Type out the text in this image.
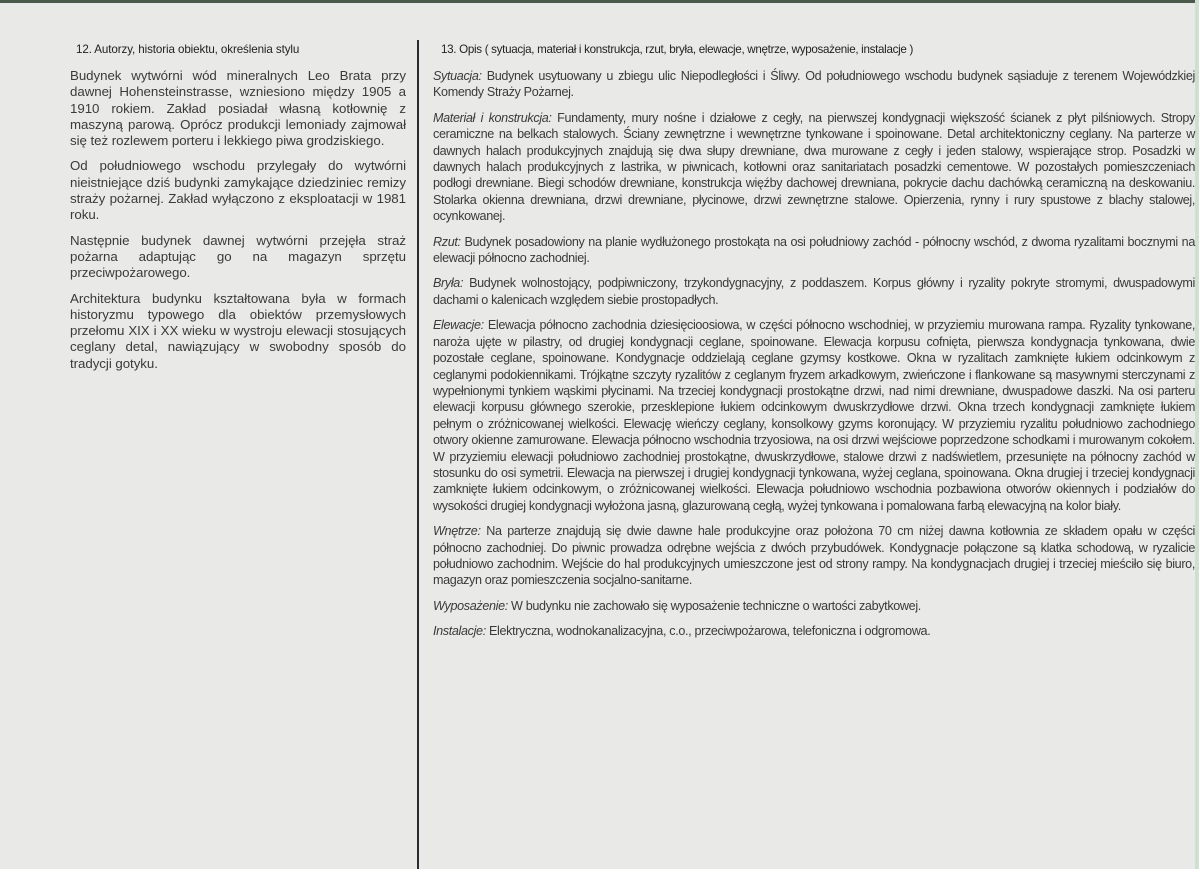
12. Autorzy, historia obiektu, określenia stylu

Budynek wytwórni wód mineralnych Leo Brata przy dawnej Hohensteinstrasse, wzniesiono między 1905 a 1910 rokiem. Zakład posiadał własną kotłownię z maszyną parową. Oprócz produkcji lemoniady zajmował się też rozlewem porteru i lekkiego piwa grodziskiego.

Od południowego wschodu przylegały do wytwórni nieistniejące dziś budynki zamykające dziedziniec remizy straży pożarnej. Zakład wyłączono z eksploatacji w 1981 roku.

Następnie budynek dawnej wytwórni przejęła straż pożarna adaptując go na magazyn sprzętu przeciwpożarowego.

Architektura budynku kształtowana była w formach historyzmu typowego dla obiektów przemysłowych przełomu XIX i XX wieku w wystroju elewacji stosujących ceglany detal, nawiązujący w swobodny sposób do tradycji gotyku.

13. Opis ( sytuacja, materiał i konstrukcja, rzut, bryła, elewacje, wnętrze, wyposażenie, instalacje )

Sytuacja: Budynek usytuowany u zbiegu ulic Niepodległości i Śliwy. Od południowego wschodu budynek sąsiaduje z terenem Wojewódzkiej Komendy Straży Pożarnej.

Materiał i konstrukcja: Fundamenty, mury nośne i działowe z cegły, na pierwszej kondygnacji większość ścianek z płyt pilśniowych. Stropy ceramiczne na belkach stalowych. Ściany zewnętrzne i wewnętrzne tynkowane i spoinowane. Detal architektoniczny ceglany. Na parterze w dawnych halach produkcyjnych znajdują się dwa słupy drewniane, dwa murowane z cegły i jeden stalowy, wspierające strop. Posadzki w dawnych halach produkcyjnych z lastrika, w piwnicach, kotłowni oraz sanitariatach posadzki cementowe. W pozostałych pomieszczeniach podłogi drewniane. Biegi schodów drewniane, konstrukcja więźby dachowej drewniana, pokrycie dachu dachówką ceramiczną na deskowaniu. Stolarka okienna drewniana, drzwi drewniane, płycinowe, drzwi zewnętrzne stalowe. Opierzenia, rynny i rury spustowe z blachy stalowej, ocynkowanej.

Rzut: Budynek posadowiony na planie wydłużonego prostokąta na osi południowy zachód - północny wschód, z dwoma ryzalitami bocznymi na elewacji północno zachodniej.

Bryła: Budynek wolnostojący, podpiwniczony, trzykondygnacyjny, z poddaszem. Korpus główny i ryzality pokryte stromymi, dwuspadowymi dachami o kalenicach względem siebie prostopadłych.

Elewacje: Elewacja północno zachodnia dziesięcioosiowa, w części północno wschodniej, w przyziemiu murowana rampa. Ryzality tynkowane, naroża ujęte w pilastry, od drugiej kondygnacji ceglane, spoinowane. Elewacja korpusu cofnięta, pierwsza kondygnacja tynkowana, dwie pozostałe ceglane, spoinowane. Kondygnacje oddzielają ceglane gzymsy kostkowe. Okna w ryzalitach zamknięte łukiem odcinkowym z ceglanymi podokiennikami. Trójkątne szczyty ryzalitów z ceglanym fryzem arkadkowym, zwieńczone i flankowane są masywnymi sterczynami z wypełnionymi tynkiem wąskimi płycinami. Na trzeciej kondygnacji prostokątne drzwi, nad nimi drewniane, dwuspadowe daszki. Na osi parteru elewacji korpusu głównego szerokie, przesklepione łukiem odcinkowym dwuskrzydłowe drzwi. Okna trzech kondygnacji zamknięte łukiem pełnym o zróżnicowanej wielkości. Elewację wieńczy ceglany, konsolkowy gzyms koronujący. W przyziemiu ryzalitu południowo zachodniego otwory okienne zamurowane. Elewacja północno wschodnia trzyosiowa, na osi drzwi wejściowe poprzedzone schodkami i murowanym cokołem. W przyziemiu elewacji południowo zachodniej prostokątne, dwuskrzydłowe, stalowe drzwi z nadświetlem, przesunięte na północny zachód w stosunku do osi symetrii. Elewacja na pierwszej i drugiej kondygnacji tynkowana, wyżej ceglana, spoinowana. Okna drugiej i trzeciej kondygnacji zamknięte łukiem odcinkowym, o zróżnicowanej wielkości. Elewacja południowo wschodnia pozbawiona otworów okiennych i podziałów do wysokości drugiej kondygnacji wyłożona jasną, glazurowaną cegłą, wyżej tynkowana i pomalowana farbą elewacyjną na kolor biały.

Wnętrze: Na parterze znajdują się dwie dawne hale produkcyjne oraz położona 70 cm niżej dawna kotłownia ze składem opału w części północno zachodniej. Do piwnic prowadza odrębne wejścia z dwóch przybudówek. Kondygnacje połączone są klatka schodową, w ryzalicie południowo zachodnim. Wejście do hal produkcyjnych umieszczone jest od strony rampy. Na kondygnacjach drugiej i trzeciej mieściło się biuro, magazyn oraz pomieszczenia socjalno-sanitarne.

Wyposażenie: W budynku nie zachowało się wyposażenie techniczne o wartości zabytkowej.

Instalacje: Elektryczna, wodnokanalizacyjna, c.o., przeciwpożarowa, telefoniczna i odgromowa.
